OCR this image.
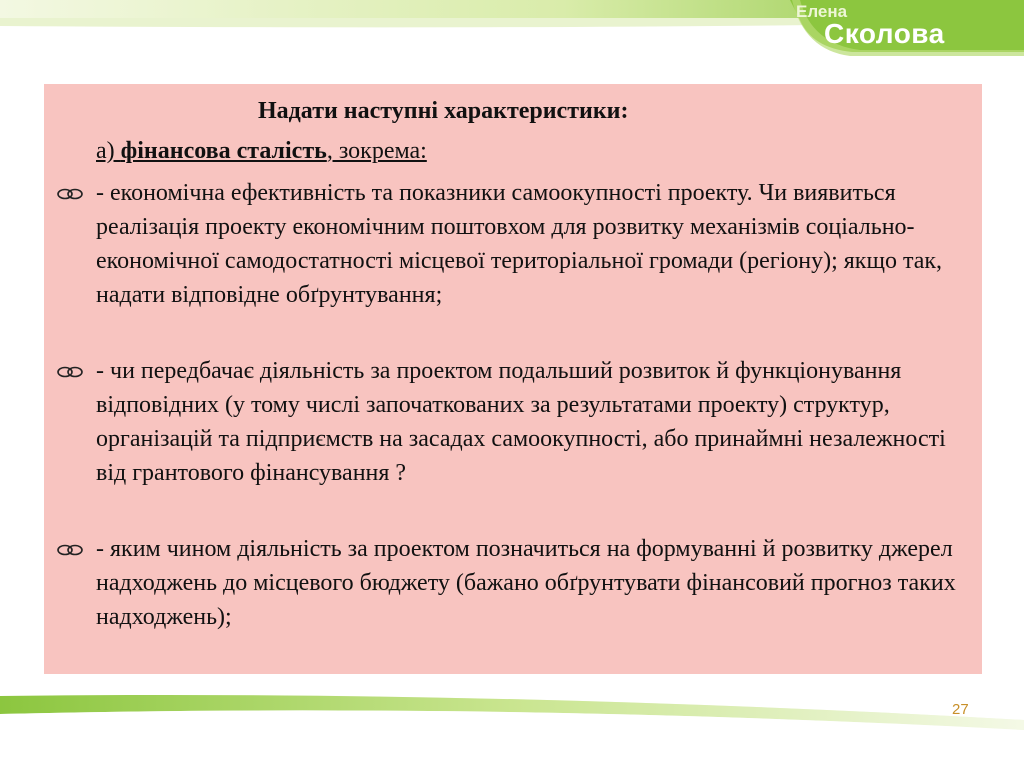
Елена
Сколова
Надати наступні характеристики:
а) фінансова сталість, зокрема:
- економічна ефективність та показники самоокупності проекту. Чи виявиться реалізація проекту економічним поштовхом для розвитку механізмів соціально-економічної самодостатності місцевої територіальної громади (регіону); якщо так, надати відповідне обґрунтування;
- чи передбачає діяльність за проектом подальший розвиток й функціонування відповідних (у тому числі започаткованих за результатами проекту) структур, організацій та підприємств на засадах самоокупності, або принаймні незалежності від грантового фінансування ?
- яким чином діяльність за проектом позначиться на формуванні й розвитку джерел надходжень до місцевого бюджету (бажано обґрунтувати фінансовий прогноз таких надходжень);
27
